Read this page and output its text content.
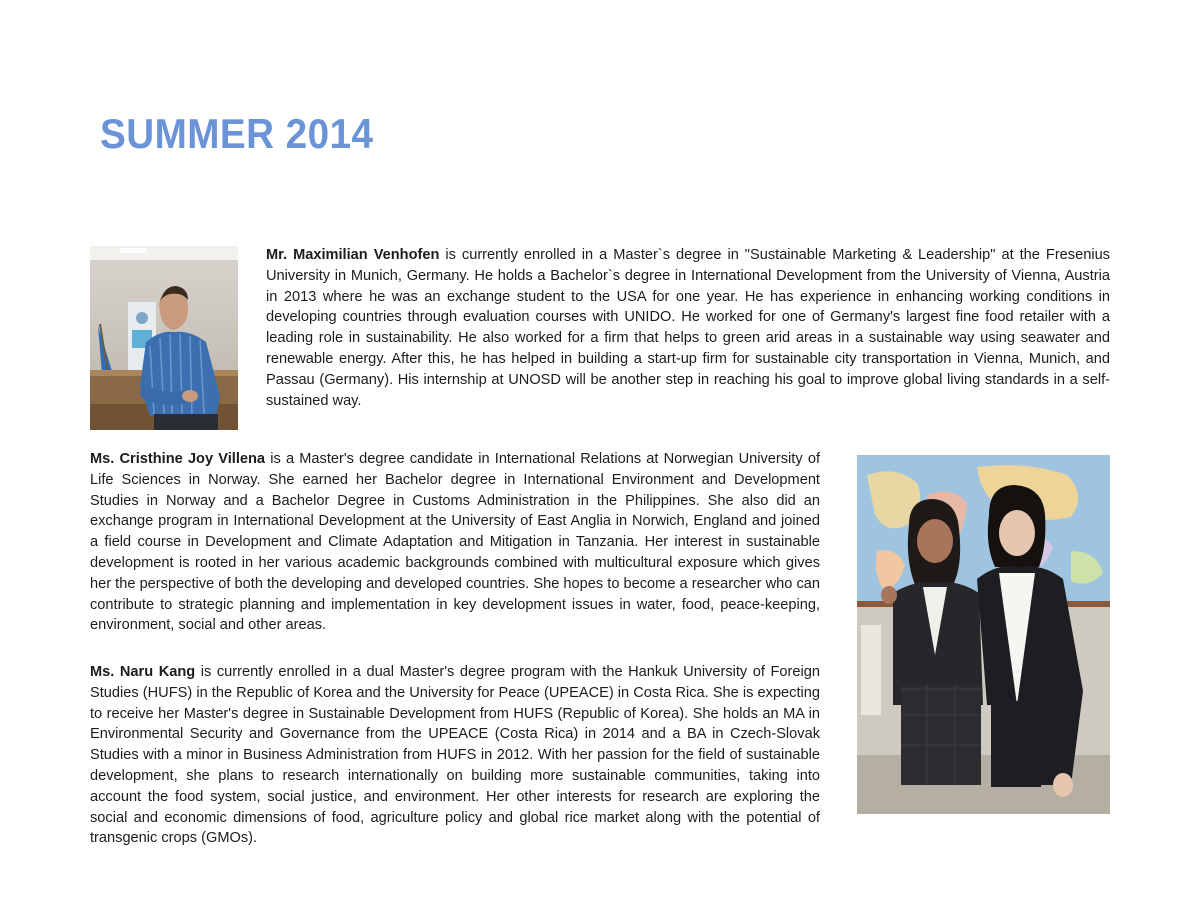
SUMMER 2014

Mr. Maximilian Venhofen is currently enrolled in a Master`s degree in "Sustainable Marketing & Leadership" at the Fresenius University in Munich, Germany. He holds a Bachelor`s degree in International Development from the University of Vienna, Austria in 2013 where he was an exchange student to the USA for one year. He has experience in enhancing working conditions in developing countries through evaluation courses with UNIDO. He worked for one of Germany's largest fine food retailer with a leading role in sustainability. He also worked for a firm that helps to green arid areas in a sustainable way using seawater and renewable energy. After this, he has helped in building a start-up firm for sustainable city transportation in Vienna, Munich, and Passau (Germany). His internship at UNOSD will be another step in reaching his goal to improve global living standards in a self-sustained way.

Ms. Cristhine Joy Villena is a Master's degree candidate in International Relations at Norwegian University of Life Sciences in Norway. She earned her Bachelor degree in International Environment and Development Studies in Norway and a Bachelor Degree in Customs Administration in the Philippines. She also did an exchange program in International Development at the University of East Anglia in Norwich, England and joined a field course in Development and Climate Adaptation and Mitigation in Tanzania. Her interest in sustainable development is rooted in her various academic backgrounds combined with multicultural exposure which gives her the perspective of both the developing and developed countries. She hopes to become a researcher who can contribute to strategic planning and implementation in key development issues in water, food, peace-keeping, environment, social and other areas.

Ms. Naru Kang is currently enrolled in a dual Master's degree program with the Hankuk University of Foreign Studies (HUFS) in the Republic of Korea and the University for Peace (UPEACE) in Costa Rica. She is expecting to receive her Master's degree in Sustainable Development from HUFS (Republic of Korea). She holds an MA in Environmental Security and Governance from the UPEACE (Costa Rica) in 2014 and a BA in Czech-Slovak Studies with a minor in Business Administration from HUFS in 2012. With her passion for the field of sustainable development, she plans to research internationally on building more sustainable communities, taking into account the food system, social justice, and environment. Her other interests for research are exploring the social and economic dimensions of food, agriculture policy and global rice market along with the potential of transgenic crops (GMOs).
